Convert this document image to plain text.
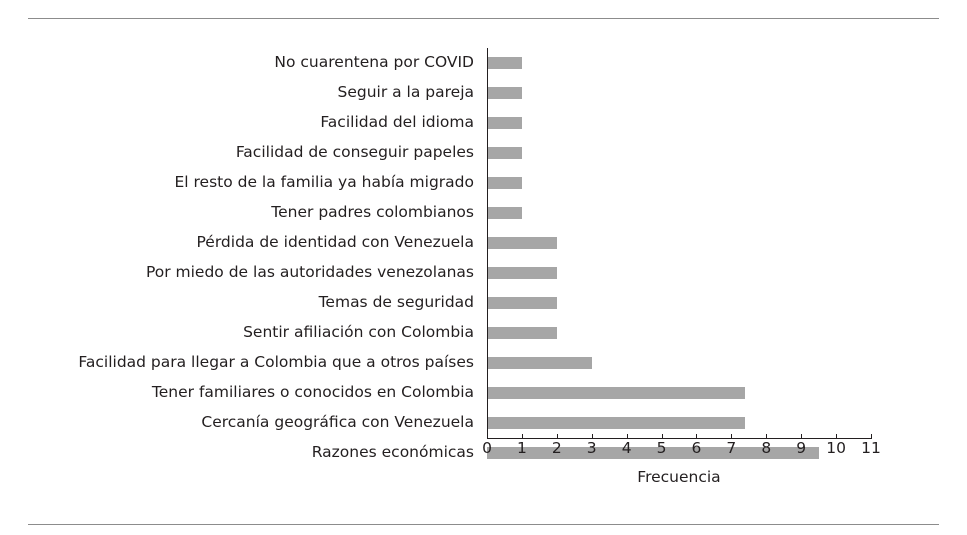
No cuarentena por COVID
Seguir a la pareja
Facilidad del idioma
Facilidad de conseguir papeles
El resto de la familia ya había migrado
Tener padres colombianos
Pérdida de identidad con Venezuela
Por miedo de las autoridades venezolanas
Temas de seguridad
Sentir afiliación con Colombia
Facilidad para llegar a Colombia que a otros países
Tener familiares o conocidos en Colombia
Cercanía geográfica con Venezuela
Razones económicas 0 1 2 3 4 5 6 7 8 9 10 11
Frecuencia
